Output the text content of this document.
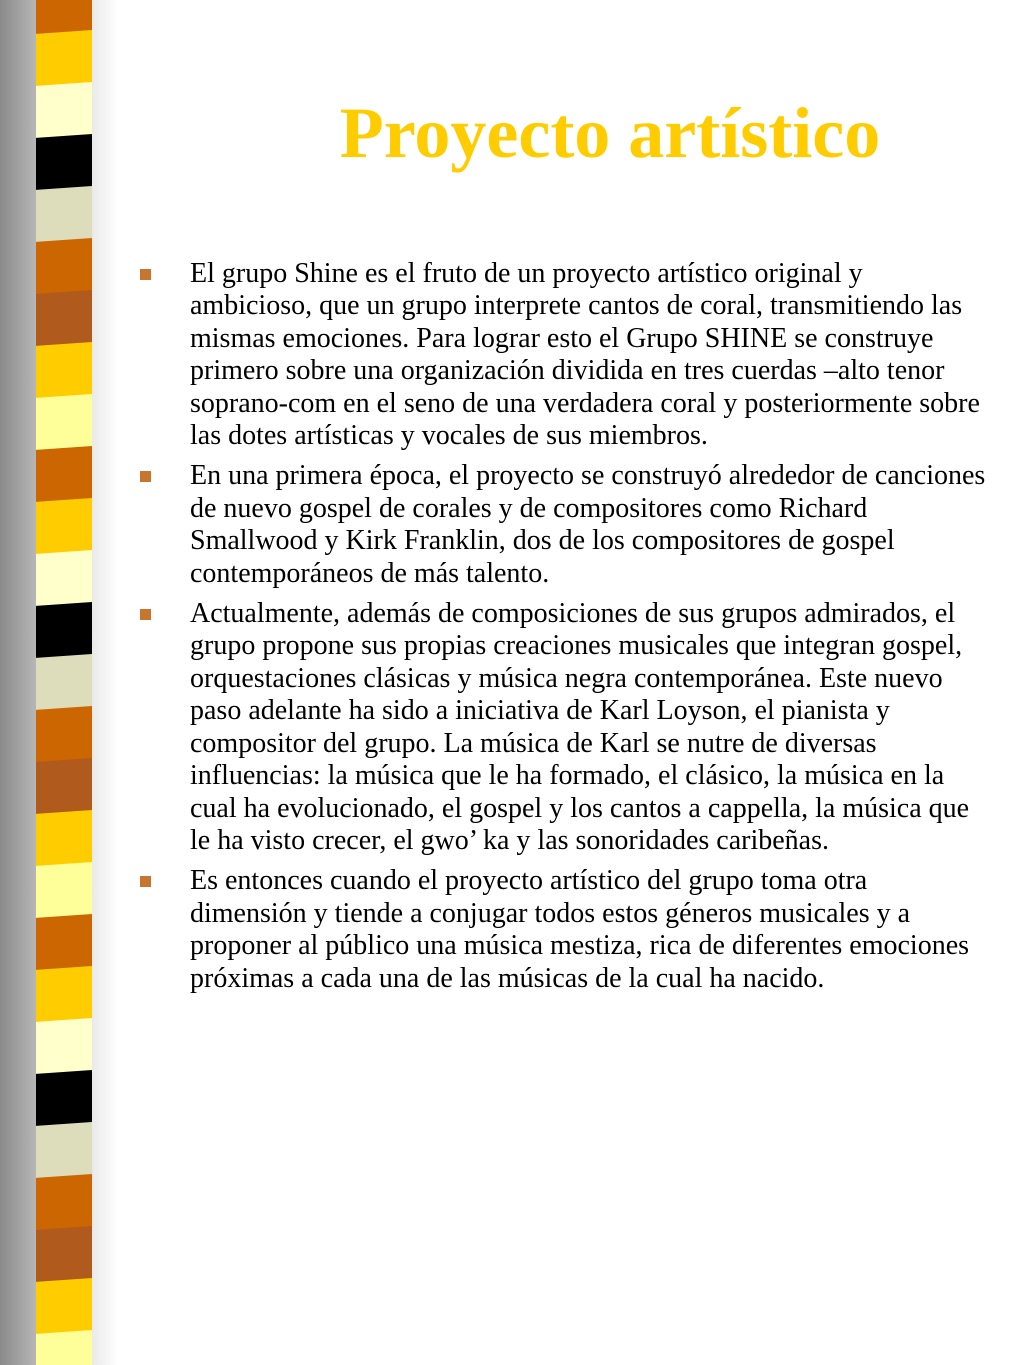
Proyecto artístico
El grupo Shine es el fruto de un proyecto artístico original y ambicioso, que un grupo interprete cantos de coral, transmitiendo las mismas emociones. Para lograr esto el Grupo SHINE se construye primero sobre una organización dividida en tres cuerdas –alto tenor soprano-com en el seno de una verdadera coral y posteriormente sobre las dotes artísticas y vocales de sus miembros.
En una primera época, el proyecto se construyó alrededor de canciones de nuevo gospel de corales y de compositores como Richard Smallwood y Kirk Franklin, dos de los compositores de gospel contemporáneos de más talento.
Actualmente, además de composiciones de sus grupos admirados, el grupo propone sus propias creaciones musicales que integran gospel, orquestaciones clásicas y música negra contemporánea. Este nuevo paso adelante ha sido a iniciativa de Karl Loyson, el pianista y compositor del grupo. La música de Karl se nutre de diversas influencias: la música que le ha formado, el clásico, la música en la cual ha evolucionado, el gospel y los cantos a cappella, la música que le ha visto crecer, el gwo’ ka y las sonoridades caribeñas.
Es entonces cuando el proyecto artístico del grupo toma otra dimensión y tiende a conjugar todos estos géneros musicales y a proponer al público una música mestiza, rica de diferentes emociones próximas a cada una de las músicas de la cual ha nacido.
